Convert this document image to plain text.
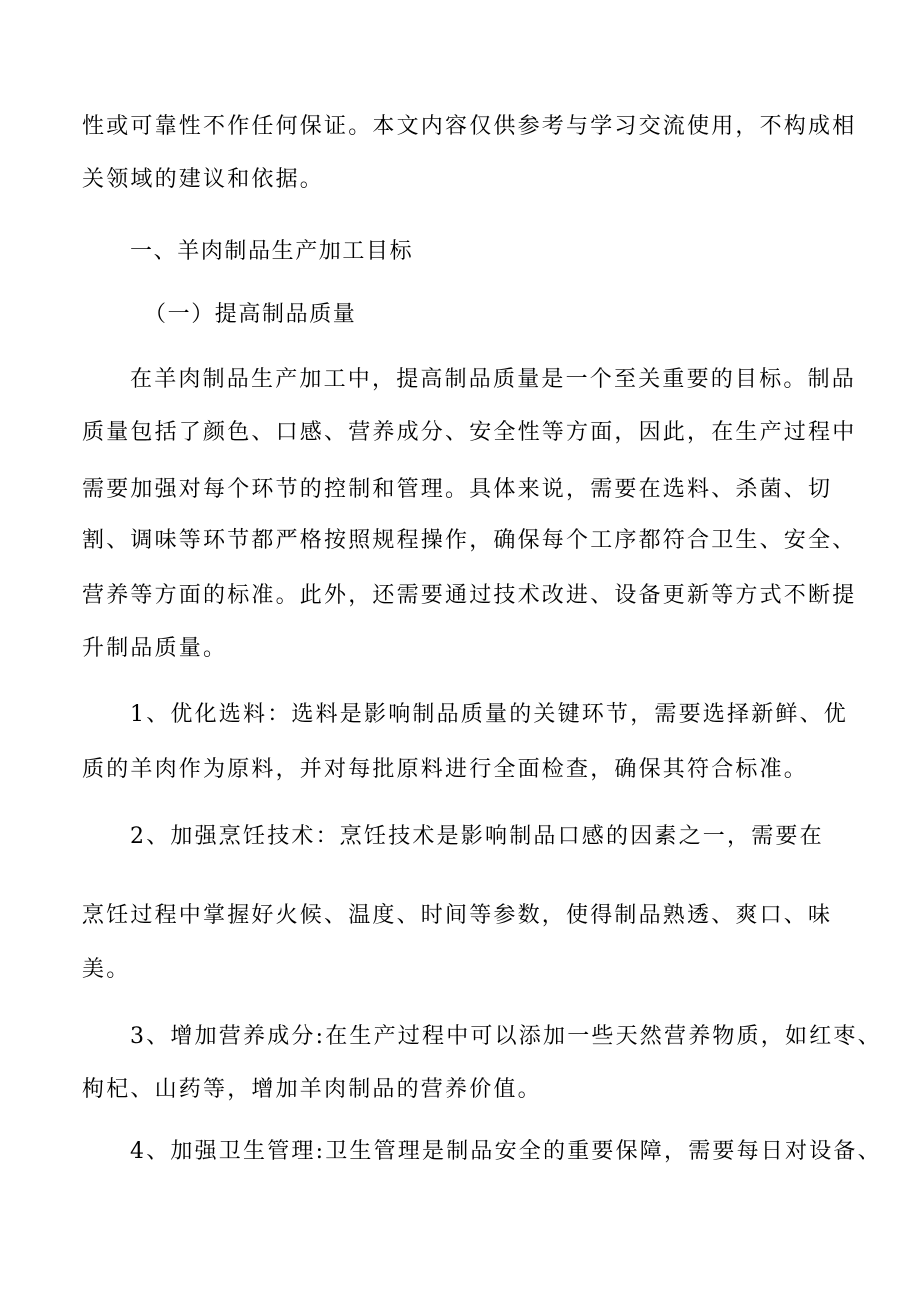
性或可靠性不作任何保证。本文内容仅供参考与学习交流使用，不构成相
关领域的建议和依据。
一、羊肉制品生产加工目标
（一）提高制品质量
在羊肉制品生产加工中，提高制品质量是一个至关重要的目标。制品
质量包括了颜色、口感、营养成分、安全性等方面，因此，在生产过程中
需要加强对每个环节的控制和管理。具体来说，需要在选料、杀菌、切
割、调味等环节都严格按照规程操作，确保每个工序都符合卫生、安全、
营养等方面的标准。此外，还需要通过技术改进、设备更新等方式不断提
升制品质量。
1、优化选料：选料是影响制品质量的关键环节，需要选择新鲜、优
质的羊肉作为原料，并对每批原料进行全面检查，确保其符合标准。
2、加强烹饪技术：烹饪技术是影响制品口感的因素之一，需要在
烹饪过程中掌握好火候、温度、时间等参数，使得制品熟透、爽口、味
美。
3、增加营养成分:在生产过程中可以添加一些天然营养物质，如红枣、
枸杞、山药等，增加羊肉制品的营养价值。
4、加强卫生管理:卫生管理是制品安全的重要保障，需要每日对设备、
